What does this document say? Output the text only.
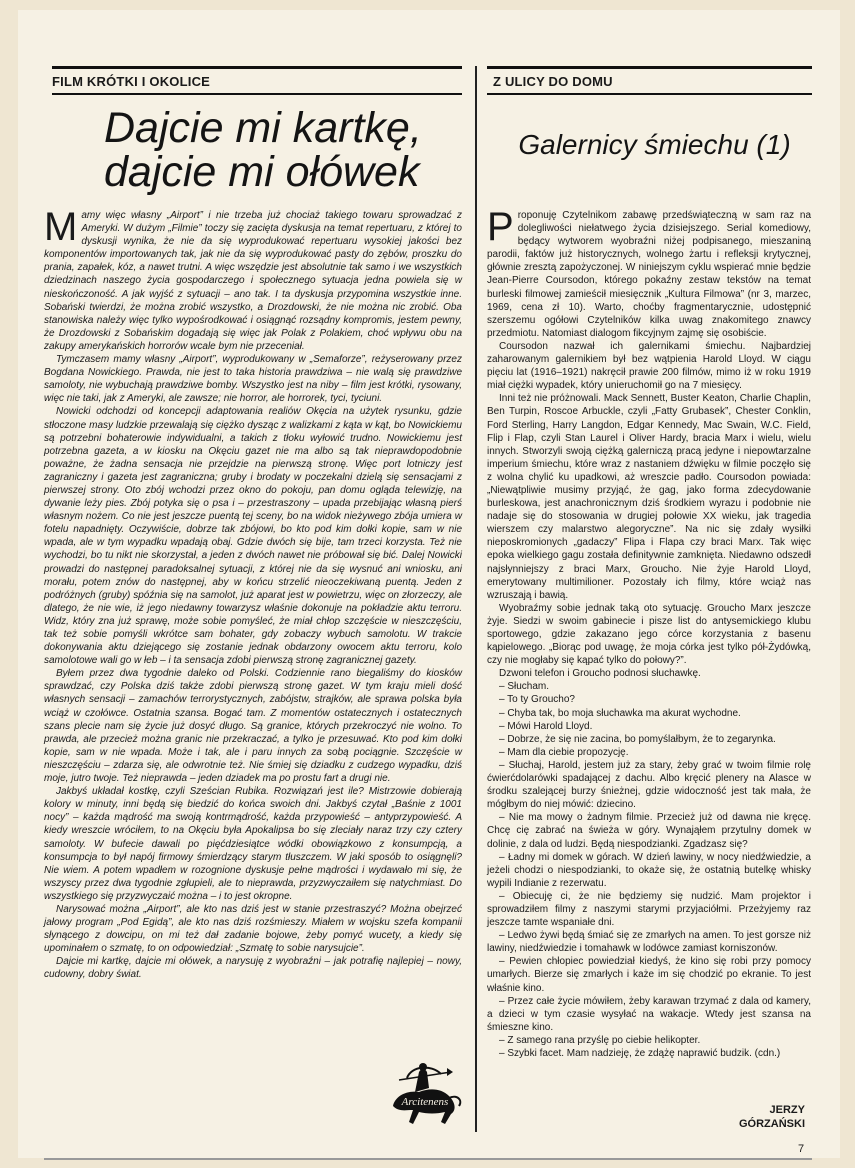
FILM KRÓTKI I OKOLICE
Dajcie mi kartkę,
dajcie mi ołówek

Mamy więc własny „Airport” i nie trzeba już chociaż takiego towaru sprowadzać z Ameryki. W dużym „Filmie” toczy się zacięta dyskusja na temat repertuaru, z której to dyskusji wynika, że nie da się wyprodukować repertuaru wysokiej jakości bez komponentów importowanych tak, jak nie da się wyprodukować pasty do zębów, proszku do prania, zapałek, kóz, a nawet trutni. A więc wszędzie jest absolutnie tak samo i we wszystkich dziedzinach naszego życia gospodarczego i społecznego sytuacja jedna powiela się w nieskończoność. A jak wyjść z sytuacji – ano tak. I ta dyskusja przypomina wszystkie inne. Sobański twierdzi, że można zrobić wszystko, a Drozdowski, że nie można nic zrobić. Oba stanowiska należy więc tylko wypośrodkować i osiągnąć rozsądny kompromis, jestem pewny, że Drozdowski z Sobańskim dogadają się więc jak Polak z Polakiem, choć wpływu obu na zakupy amerykańskich horrorów wcale bym nie przeceniał.

Tymczasem mamy własny „Airport”, wyprodukowany w „Semaforze”, reżyserowany przez Bogdana Nowickiego. Prawda, nie jest to taka historia prawdziwa – nie walą się prawdziwe samoloty, nie wybuchają prawdziwe bomby. Wszystko jest na niby – film jest krótki, rysowany, więc nie taki, jak z Ameryki, ale zawsze; nie horror, ale horrorek, tyci, tyciuni.

Nowicki odchodzi od koncepcji adaptowania realiów Okęcia na użytek rysunku, gdzie stłoczone masy ludzkie przewalają się ciężko dysząc z walizkami z kąta w kąt, bo Nowickiemu są potrzebni bohaterowie indywidualni, a takich z tłoku wyłowić trudno. Nowickiemu jest potrzebna gazeta, a w kiosku na Okęciu gazet nie ma albo są tak nieprawdopodobnie poważne, że żadna sensacja nie przejdzie na pierwszą stronę. Więc port lotniczy jest zagraniczny i gazeta jest zagraniczna; gruby i brodaty w poczekalni dzielą się sensacjami z pierwszej strony. Oto zbój wchodzi przez okno do pokoju, pan domu ogląda telewizję, na dywanie leży pies. Zbój potyka się o psa i – przestraszony – upada przebijając własną pierś własnym nożem. Co nie jest jeszcze puentą tej sceny, bo na widok nieżywego zbója umiera w fotelu napadnięty. Oczywiście, dobrze tak zbójowi, bo kto pod kim dołki kopie, sam w nie wpada, ale w tym wypadku wpadają obaj. Gdzie dwóch się bije, tam trzeci korzysta. Też nie wychodzi, bo tu nikt nie skorzystał, a jeden z dwóch nawet nie próbował się bić. Dalej Nowicki prowadzi do następnej paradoksalnej sytuacji, z której nie da się wysnuć ani wniosku, ani morału, potem znów do następnej, aby w końcu strzelić nieoczekiwaną puentą. Jeden z podróżnych (gruby) spóźnia się na samolot, już aparat jest w powietrzu, więc on złorzeczy, ale dlatego, że nie wie, iż jego niedawny towarzysz właśnie dokonuje na pokładzie aktu terroru. Widz, który zna już sprawę, może sobie pomyśleć, że miał chłop szczęście w nieszczęściu, tak też sobie pomyśli wkrótce sam bohater, gdy zobaczy wybuch samolotu. W trakcie dokonywania aktu dziejącego się zostanie jednak obdarzony owocem aktu terroru, kolo samolotowe wali go w łeb – i ta sensacja zdobi pierwszą stronę zagranicznej gazety.

Byłem przez dwa tygodnie daleko od Polski. Codziennie rano biegaliśmy do kiosków sprawdzać, czy Polska dziś także zdobi pierwszą stronę gazet. W tym kraju mieli dość własnych sensacji – zamachów terrorystycznych, zabójstw, strajków, ale sprawa polska była wciąż w czołówce. Ostatnia szansa. Bogać tam. Z momentów ostatecznych i ostatecznych szans plecie nam się życie już dosyć długo. Są granice, których przekroczyć nie wolno. To prawda, ale przecież można granic nie przekraczać, a tylko je przesuwać. Kto pod kim dołki kopie, sam w nie wpada. Może i tak, ale i paru innych za sobą pociągnie. Szczęście w nieszczęściu – zdarza się, ale odwrotnie też. Nie śmiej się dziadku z cudzego wypadku, dziś moje, jutro twoje. Też nieprawda – jeden dziadek ma po prostu fart a drugi nie.

Jakbyś układał kostkę, czyli Sześcian Rubika. Rozwiązań jest ile? Mistrzowie dobierają kolory w minuty, inni będą się biedzić do końca swoich dni. Jakbyś czytał „Baśnie z 1001 nocy” – każda mądrość ma swoją kontrmądrość, każda przypowieść – antyprzypowieść. A kiedy wreszcie wróciłem, to na Okęciu była Apokalipsa bo się zleciały naraz trzy czy cztery samoloty. W bufecie dawali po pięćdziesiątce wódki obowiązkowo z konsumpcją, a konsumpcja to był napój firmowy śmierdzący starym tłuszczem. W jaki sposób to osiągnęli? Nie wiem. A potem wpadłem w rozognione dyskusje pełne mądrości i wydawało mi się, że wszyscy przez dwa tygodnie zgłupieli, ale to nieprawda, przyzwyczaiłem się natychmiast. Do wszystkiego się przyzwyczaić można – i to jest okropne.

Narysować można „Airport”, ale kto nas dziś jest w stanie przestraszyć? Można obejrzeć jałowy program „Pod Egidą”, ale kto nas dziś rozśmieszy. Miałem w wojsku szefa kompanii słynącego z dowcipu, on mi też dał zadanie bojowe, żeby pomyć wucety, a kiedy się upominałem o szmatę, to on odpowiedział: „Szmatę to sobie narysujcie”.

Dajcie mi kartkę, dajcie mi ołówek, a narysuję z wyobraźni – jak potrafię najlepiej – nowy, cudowny, dobry świat.

Arcitenens
Z ULICY DO DOMU
Galernicy śmiechu (1)

Proponuję Czytelnikom zabawę przedświąteczną w sam raz na dolegliwości niełatwego życia dzisiejszego. Serial komediowy, będący wytworem wyobraźni niżej podpisanego, mieszaniną parodii, faktów już historycznych, wolnego żartu i refleksji krytycznej, głównie zresztą zapożyczonej. W niniejszym cyklu wspierać mnie będzie Jean-Pierre Coursodon, którego pokaźny zestaw tekstów na temat burleski filmowej zamieścił miesięcznik „Kultura Filmowa” (nr 3, marzec, 1969, cena zł 10). Warto, choćby fragmentarycznie, udostępnić szerszemu ogółowi Czytelników kilka uwag znakomitego znawcy przedmiotu. Natomiast dialogom fikcyjnym zajmę się osobiście.

Coursodon nazwał ich galernikami śmiechu. Najbardziej zaharowanym galernikiem był bez wątpienia Harold Lloyd. W ciągu pięciu lat (1916–1921) nakręcił prawie 200 filmów, mimo iż w roku 1919 miał ciężki wypadek, który unieruchomił go na 7 miesięcy.

Inni też nie próżnowali. Mack Sennett, Buster Keaton, Charlie Chaplin, Ben Turpin, Roscoe Arbuckle, czyli „Fatty Grubasek”, Chester Conklin, Ford Sterling, Harry Langdon, Edgar Kennedy, Mac Swain, W.C. Field, Flip i Flap, czyli Stan Laurel i Oliver Hardy, bracia Marx i wielu, wielu innych. Stworzyli swoją ciężką galerniczą pracą jedyne i niepowtarzalne imperium śmiechu, które wraz z nastaniem dźwięku w filmie poczęło się z wolna chylić ku upadkowi, aż wreszcie padło. Coursodon powiada: „Niewątpliwie musimy przyjąć, że gag, jako forma zdecydowanie burleskowa, jest anachronicznym dziś środkiem wyrazu i podobnie nie nadaje się do stosowania w drugiej połowie XX wieku, jak tragedia wierszem czy malarstwo alegoryczne”. Na nic się zdały wysiłki nieposkromionych „gadaczy” Flipa i Flapa czy braci Marx. Tak więc epoka wielkiego gagu została definitywnie zamknięta. Niedawno odszedł najsłynniejszy z braci Marx, Groucho. Nie żyje Harold Lloyd, emerytowany multimilioner. Pozostały ich filmy, które wciąż nas wzruszają i bawią.

Wyobraźmy sobie jednak taką oto sytuację. Groucho Marx jeszcze żyje. Siedzi w swoim gabinecie i pisze list do antysemickiego klubu sportowego, gdzie zakazano jego córce korzystania z basenu kąpielowego. „Biorąc pod uwagę, że moja córka jest tylko pół-Żydówką, czy nie mogłaby się kąpać tylko do połowy?”.

Dzwoni telefon i Groucho podnosi słuchawkę.

– Słucham.

– To ty Groucho?

– Chyba tak, bo moja słuchawka ma akurat wychodne.

– Mówi Harold Lloyd.

– Dobrze, że się nie zacina, bo pomyślałbym, że to zegarynka.

– Mam dla ciebie propozycję.

– Słuchaj, Harold, jestem już za stary, żeby grać w twoim filmie rolę ćwierćdolarówki spadającej z dachu. Albo kręcić plenery na Alasce w środku szalejącej burzy śnieżnej, gdzie widoczność jest tak mała, że mógłbym do niej mówić: dziecino.

– Nie ma mowy o żadnym filmie. Przecież już od dawna nie kręcę. Chcę cię zabrać na świeża w góry. Wynająłem przytulny domek w dolinie, z dala od ludzi. Będą niespodzianki. Zgadzasz się?

– Ładny mi domek w górach. W dzień lawiny, w nocy niedźwiedzie, a jeżeli chodzi o niespodzianki, to okaże się, że ostatnią butelkę whisky wypili Indianie z rezerwatu.

– Obiecuję ci, że nie będziemy się nudzić. Mam projektor i sprowadziłem filmy z naszymi starymi przyjaciółmi. Przeżyjemy raz jeszcze tamte wspaniałe dni.

– Ledwo żywi będą śmiać się ze zmarłych na amen. To jest gorsze niż lawiny, niedźwiedzie i tomahawk w lodówce zamiast korniszonów.

– Pewien chłopiec powiedział kiedyś, że kino się robi przy pomocy umarłych. Bierze się zmarłych i każe im się chodzić po ekranie. To jest właśnie kino.

– Przez całe życie mówiłem, żeby karawan trzymać z dala od kamery, a dzieci w tym czasie wysyłać na wakacje. Wtedy jest szansa na śmieszne kino.

– Z samego rana przyślę po ciebie helikopter.

– Szybki facet. Mam nadzieję, że zdążę naprawić budzik. (cdn.)

JERZY
GÓRZAŃSKI
7
